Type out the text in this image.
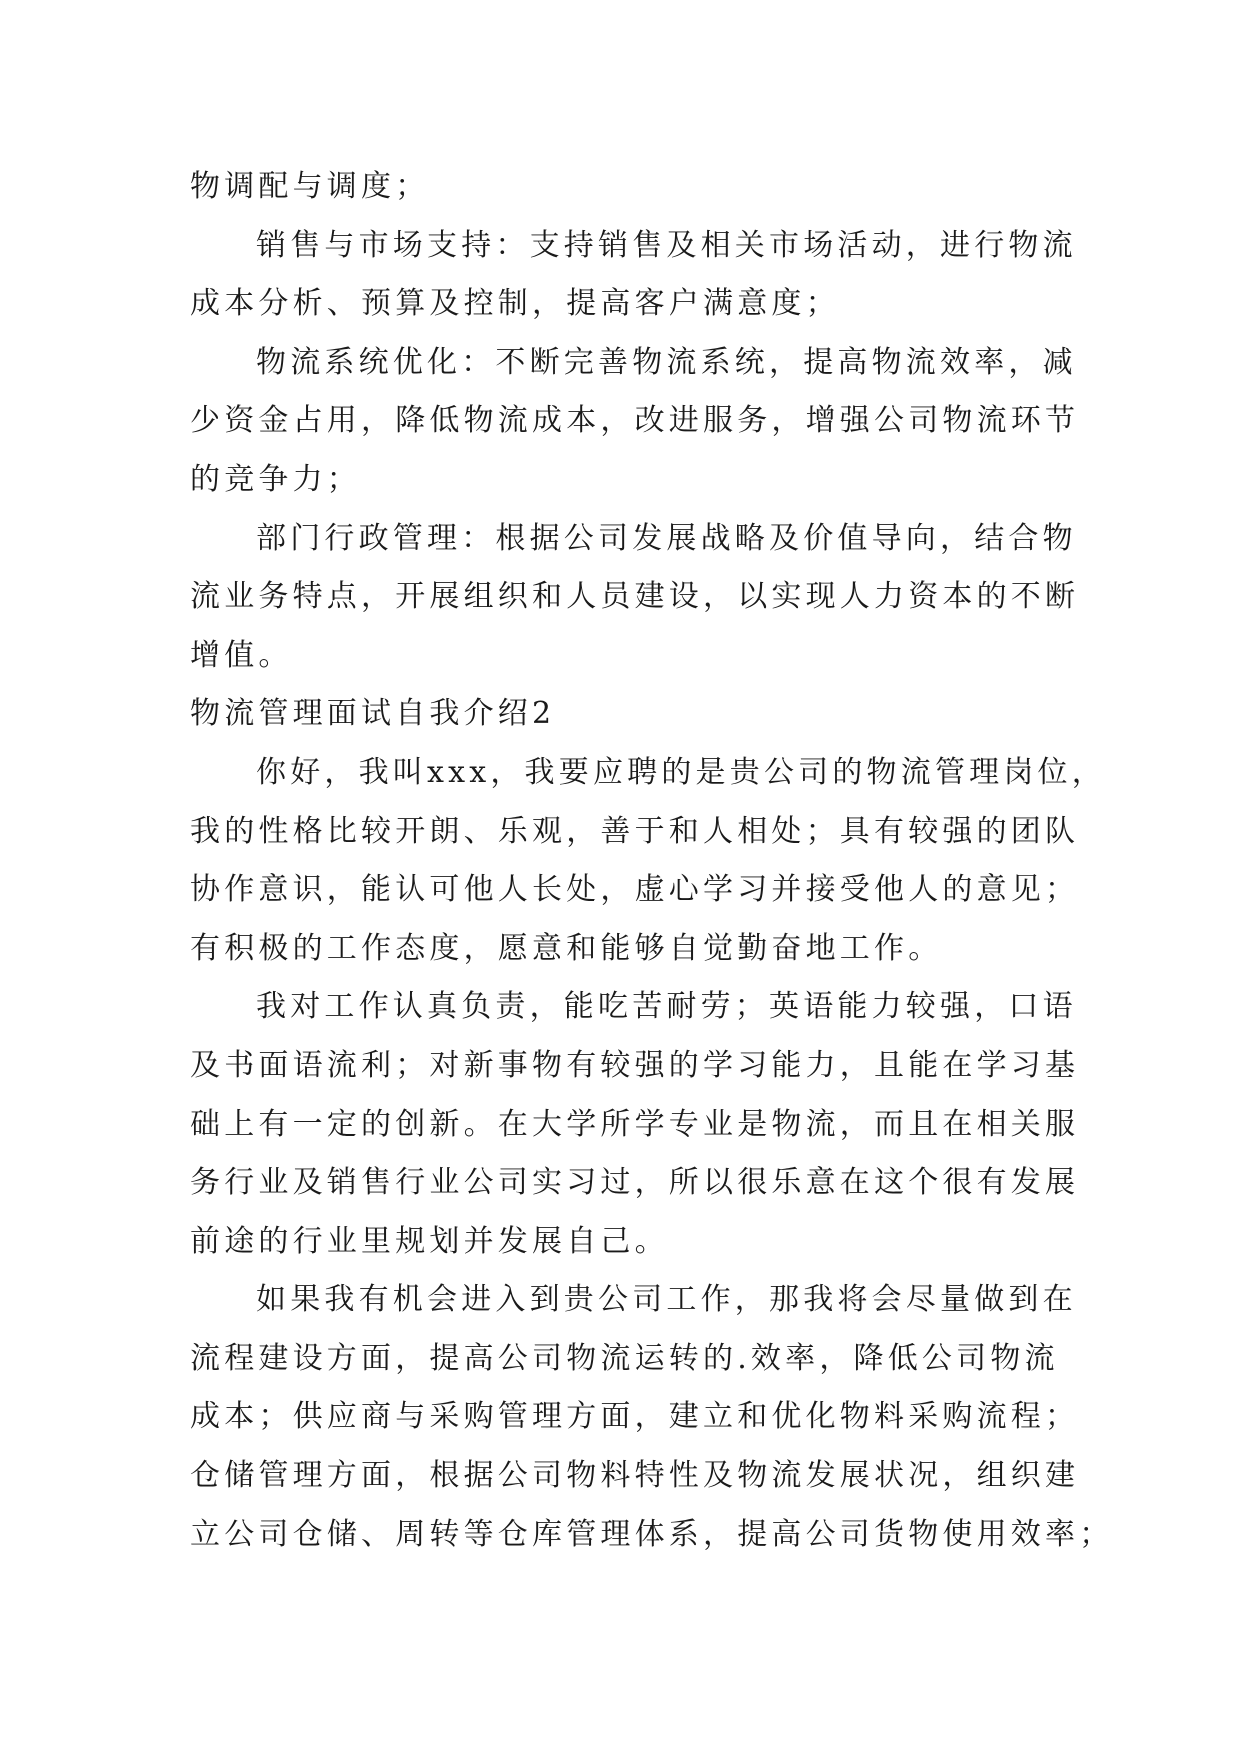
物调配与调度；
销售与市场支持：支持销售及相关市场活动，进行物流
成本分析、预算及控制，提高客户满意度；
物流系统优化：不断完善物流系统，提高物流效率，减
少资金占用，降低物流成本，改进服务，增强公司物流环节
的竞争力；
部门行政管理：根据公司发展战略及价值导向，结合物
流业务特点，开展组织和人员建设，以实现人力资本的不断
增值。
物流管理面试自我介绍2
你好，我叫xxx，我要应聘的是贵公司的物流管理岗位，
我的性格比较开朗、乐观，善于和人相处；具有较强的团队
协作意识，能认可他人长处，虚心学习并接受他人的意见；
有积极的工作态度，愿意和能够自觉勤奋地工作。
我对工作认真负责，能吃苦耐劳；英语能力较强，口语
及书面语流利；对新事物有较强的学习能力，且能在学习基
础上有一定的创新。在大学所学专业是物流，而且在相关服
务行业及销售行业公司实习过，所以很乐意在这个很有发展
前途的行业里规划并发展自己。
如果我有机会进入到贵公司工作，那我将会尽量做到在
流程建设方面，提高公司物流运转的.效率，降低公司物流
成本；供应商与采购管理方面，建立和优化物料采购流程；
仓储管理方面，根据公司物料特性及物流发展状况，组织建
立公司仓储、周转等仓库管理体系，提高公司货物使用效率；
